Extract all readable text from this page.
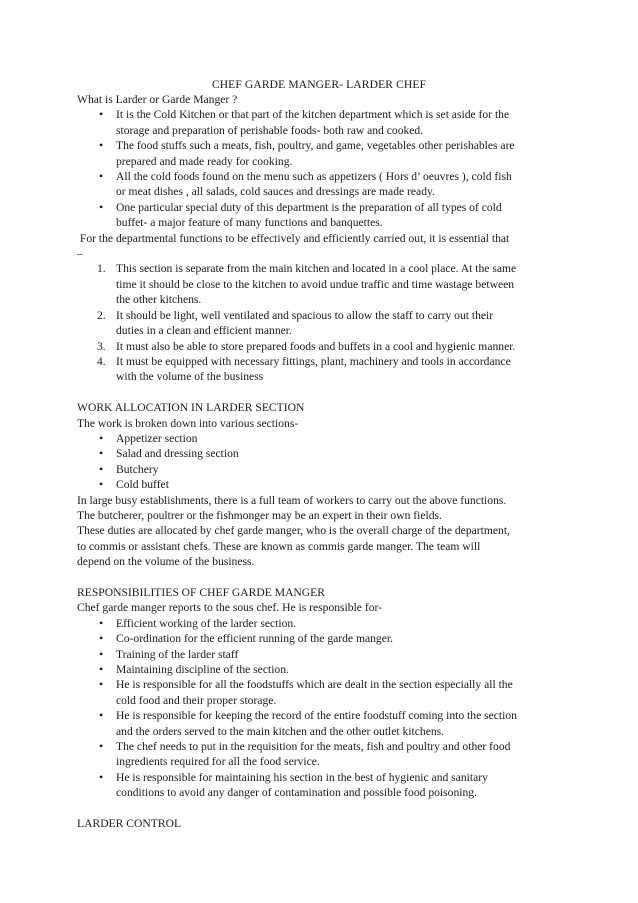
CHEF GARDE MANGER- LARDER CHEF
What is Larder or Garde Manger ?
• It is the Cold Kitchen or that part of the kitchen department which is set aside for the
storage and preparation of perishable foods- both raw and cooked.
• The food stuffs such a meats, fish, poultry, and game, vegetables other perishables are
prepared and made ready for cooking.
• All the cold foods found on the menu such as appetizers ( Hors d’ oeuvres ), cold fish
or meat dishes , all salads, cold sauces and dressings are made ready.
• One particular special duty of this department is the preparation of all types of cold
buffet- a major feature of many functions and banquettes.
For the departmental functions to be effectively and efficiently carried out, it is essential that
–
1. This section is separate from the main kitchen and located in a cool place. At the same
time it should be close to the kitchen to avoid undue traffic and time wastage between
the other kitchens.
2. It should be light, well ventilated and spacious to allow the staff to carry out their
duties in a clean and efficient manner.
3. It must also be able to store prepared foods and buffets in a cool and hygienic manner.
4. It must be equipped with necessary fittings, plant, machinery and tools in accordance
with the volume of the business
WORK ALLOCATION IN LARDER SECTION
The work is broken down into various sections-
• Appetizer section
• Salad and dressing section
• Butchery
• Cold buffet
In large busy establishments, there is a full team of workers to carry out the above functions.
The butcherer, poultrer or the fishmonger may be an expert in their own fields.
These duties are allocated by chef garde manger, who is the overall charge of the department,
to commis or assistant chefs. These are known as commis garde manger. The team will
depend on the volume of the business.
RESPONSIBILITIES OF CHEF GARDE MANGER
Chef garde manger reports to the sous chef. He is responsible for-
• Efficient working of the larder section.
• Co-ordination for the efficient running of the garde manger.
• Training of the larder staff
• Maintaining discipline of the section.
• He is responsible for all the foodstuffs which are dealt in the section especially all the
cold food and their proper storage.
• He is responsible for keeping the record of the entire foodstuff coming into the section
and the orders served to the main kitchen and the other outlet kitchens.
• The chef needs to put in the requisition for the meats, fish and poultry and other food
ingredients required for all the food service.
• He is responsible for maintaining his section in the best of hygienic and sanitary
conditions to avoid any danger of contamination and possible food poisoning.
LARDER CONTROL
